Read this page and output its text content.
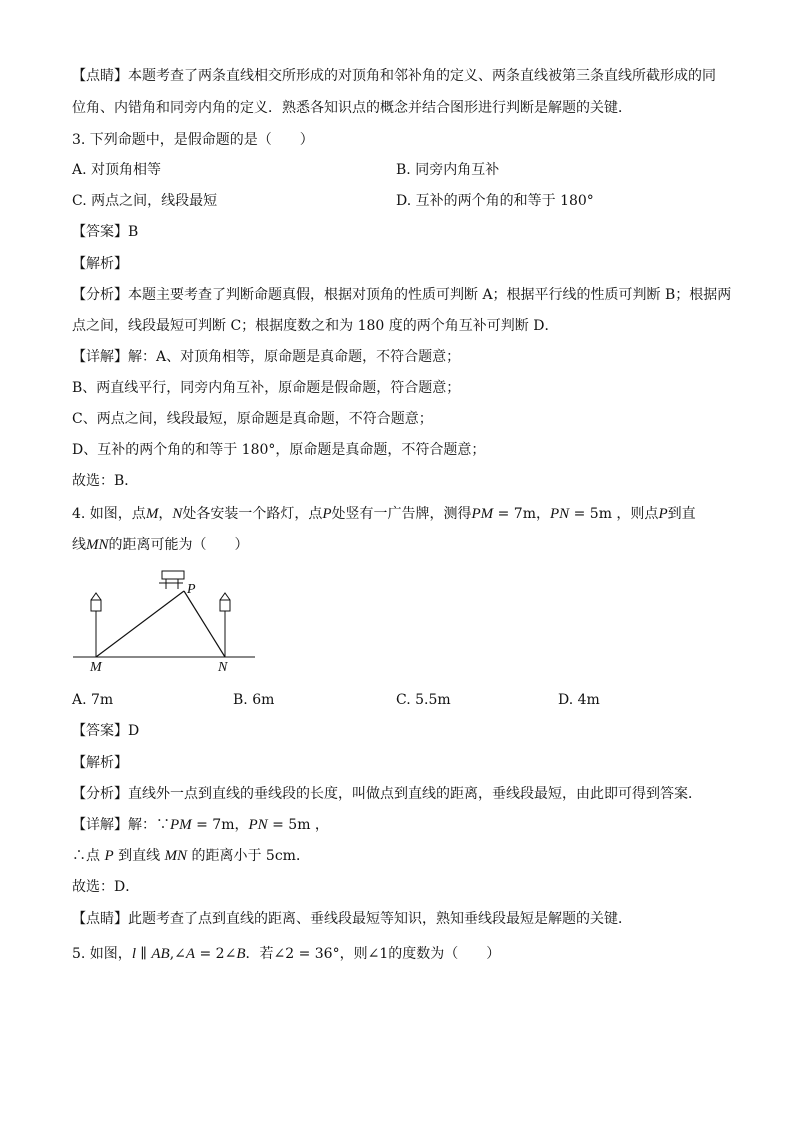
【点睛】本题考查了两条直线相交所形成的对顶角和邻补角的定义、两条直线被第三条直线所截形成的同
位角、内错角和同旁内角的定义．熟悉各知识点的概念并结合图形进行判断是解题的关键．
3. 下列命题中，是假命题的是（　　）
A. 对顶角相等	B. 同旁内角互补
C. 两点之间，线段最短	D. 互补的两个角的和等于 180°
【答案】B
【解析】
【分析】本题主要考查了判断命题真假，根据对顶角的性质可判断 A；根据平行线的性质可判断 B；根据两
点之间，线段最短可判断 C；根据度数之和为 180 度的两个角互补可判断 D．
【详解】解：A、对顶角相等，原命题是真命题，不符合题意；
B、两直线平行，同旁内角互补，原命题是假命题，符合题意；
C、两点之间，线段最短，原命题是真命题，不符合题意；
D、互补的两个角的和等于 180°，原命题是真命题，不符合题意；
故选：B．
4. 如图，点M，N处各安装一个路灯，点P处竖有一广告牌，测得PM = 7m，PN = 5m ，则点P到直
线MN的距离可能为（　　）
P
M	N
A. 7m	B. 6m	C. 5.5m	D. 4m
【答案】D
【解析】
【分析】直线外一点到直线的垂线段的长度，叫做点到直线的距离，垂线段最短，由此即可得到答案．
【详解】解：∵PM = 7m，PN = 5m ，
∴点 P 到直线 MN 的距离小于 5cm．
故选：D．
【点睛】此题考查了点到直线的距离、垂线段最短等知识，熟知垂线段最短是解题的关键．
5. 如图，l ∥ AB,∠A = 2∠B．若∠2 = 36°，则∠1的度数为（　　）
